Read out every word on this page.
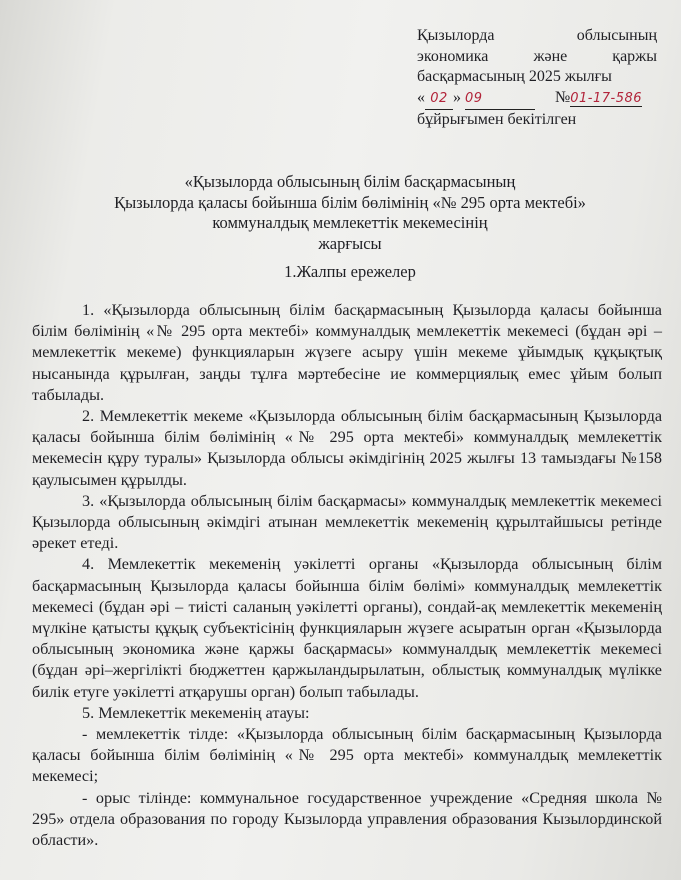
Қызылорда	облысының
экономика	және	қаржы
басқармасының 2025 жылғы
« 02 » 09	№01-17-586
бұйрығымен бекітілген
«Қызылорда облысының білім басқармасының
Қызылорда қаласы бойынша білім бөлімінің «№ 295 орта мектебі»
коммуналдық мемлекеттік мекемесінің
жарғысы
1.Жалпы ережелер

1. «Қызылорда облысының білім басқармасының Қызылорда қаласы бойынша білім бөлімінің «№ 295 орта мектебі» коммуналдық мемлекеттік мекемесі (бұдан әрі – мемлекеттік мекеме) функцияларын жүзеге асыру үшін мекеме ұйымдық құқықтық нысанында құрылған, заңды тұлға мәртебесіне ие коммерциялық емес ұйым болып табылады.

2. Мемлекеттік мекеме «Қызылорда облысының білім басқармасының Қызылорда қаласы бойынша білім бөлімінің «№ 295 орта мектебі» коммуналдық мемлекеттік мекемесін құру туралы» Қызылорда облысы әкімдігінің 2025 жылғы 13 тамыздағы №158 қаулысымен құрылды.

3. «Қызылорда облысының білім басқармасы» коммуналдық мемлекеттік мекемесі Қызылорда облысының әкімдігі атынан мемлекеттік мекеменің құрылтайшысы ретінде әрекет етеді.

4. Мемлекеттік мекеменің уәкілетті органы «Қызылорда облысының білім басқармасының Қызылорда қаласы бойынша білім бөлімі» коммуналдық мемлекеттік мекемесі (бұдан әрі – тиісті саланың уәкілетті органы), сондай-ақ мемлекеттік мекеменің мүлкіне қатысты құқық субъектісінің функцияларын жүзеге асыратын орган «Қызылорда облысының экономика және қаржы басқармасы» коммуналдық мемлекеттік мекемесі (бұдан әрі–жергілікті бюджеттен қаржыландырылатын, облыстық коммуналдық мүлікке билік етуге уәкілетті атқарушы орган) болып табылады.

5. Мемлекеттік мекеменің атауы:

- мемлекеттік тілде: «Қызылорда облысының білім басқармасының Қызылорда қаласы бойынша білім бөлімінің «№ 295 орта мектебі» коммуналдық мемлекеттік мекемесі;

- орыс тілінде: коммунальное государственное учреждение «Средняя школа № 295» отдела образования по городу Кызылорда управления образования Кызылординской области».
